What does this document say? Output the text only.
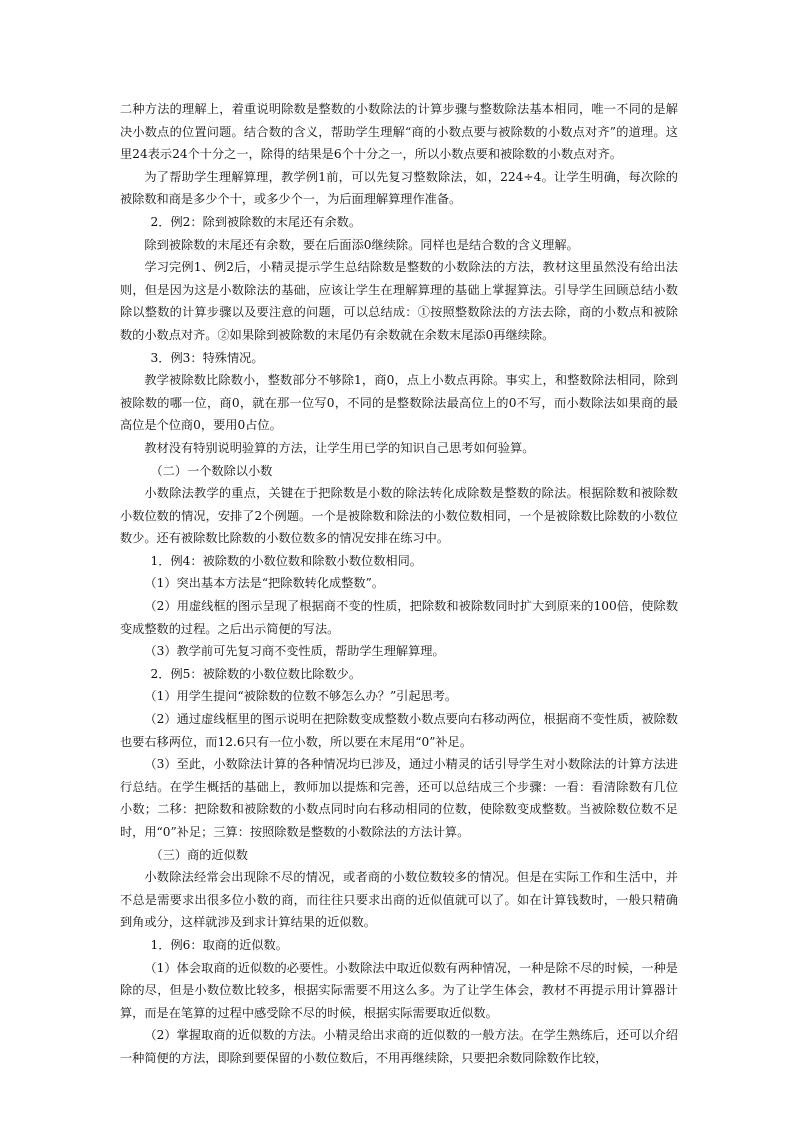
二种方法的理解上，着重说明除数是整数的小数除法的计算步骤与整数除法基本相同，唯一不同的是解决小数点的位置问题。结合数的含义，帮助学生理解“商的小数点要与被除数的小数点对齐”的道理。这里24表示24个十分之一，除得的结果是6个十分之一，所以小数点要和被除数的小数点对齐。

为了帮助学生理解算理，教学例1前，可以先复习整数除法，如，224÷4。让学生明确，每次除的被除数和商是多少个十，或多少个一，为后面理解算理作准备。

2．例2：除到被除数的末尾还有余数。

除到被除数的末尾还有余数，要在后面添0继续除。同样也是结合数的含义理解。

学习完例1、例2后，小精灵提示学生总结除数是整数的小数除法的方法，教材这里虽然没有给出法则，但是因为这是小数除法的基础，应该让学生在理解算理的基础上掌握算法。引导学生回顾总结小数除以整数的计算步骤以及要注意的问题，可以总结成：①按照整数除法的方法去除，商的小数点和被除数的小数点对齐。②如果除到被除数的末尾仍有余数就在余数末尾添0再继续除。

3．例3：特殊情况。

教学被除数比除数小，整数部分不够除1，商0，点上小数点再除。事实上，和整数除法相同，除到被除数的哪一位，商0，就在那一位写0，不同的是整数除法最高位上的0不写，而小数除法如果商的最高位是个位商0，要用0占位。

教材没有特别说明验算的方法，让学生用已学的知识自己思考如何验算。

（二）一个数除以小数

小数除法教学的重点，关键在于把除数是小数的除法转化成除数是整数的除法。根据除数和被除数小数位数的情况，安排了2个例题。一个是被除数和除法的小数位数相同，一个是被除数比除数的小数位数少。还有被除数比除数的小数位数多的情况安排在练习中。

1．例4：被除数的小数位数和除数小数位数相同。

（1）突出基本方法是“把除数转化成整数”。

（2）用虚线框的图示呈现了根据商不变的性质，把除数和被除数同时扩大到原来的100倍，使除数变成整数的过程。之后出示简便的写法。

（3）教学前可先复习商不变性质，帮助学生理解算理。

2．例5：被除数的小数位数比除数少。

（1）用学生提问“被除数的位数不够怎么办？”引起思考。

（2）通过虚线框里的图示说明在把除数变成整数小数点要向右移动两位，根据商不变性质，被除数也要右移两位，而12.6只有一位小数，所以要在末尾用“0”补足。

（3）至此，小数除法计算的各种情况均已涉及，通过小精灵的话引导学生对小数除法的计算方法进行总结。在学生概括的基础上，教师加以提炼和完善，还可以总结成三个步骤：一看：看清除数有几位小数；二移：把除数和被除数的小数点同时向右移动相同的位数，使除数变成整数。当被除数位数不足时，用“0”补足；三算：按照除数是整数的小数除法的方法计算。

（三）商的近似数

小数除法经常会出现除不尽的情况，或者商的小数位数较多的情况。但是在实际工作和生活中，并不总是需要求出很多位小数的商，而往往只要求出商的近似值就可以了。如在计算钱数时，一般只精确到角或分，这样就涉及到求计算结果的近似数。

1．例6：取商的近似数。

（1）体会取商的近似数的必要性。小数除法中取近似数有两种情况，一种是除不尽的时候，一种是除的尽，但是小数位数比较多，根据实际需要不用这么多。为了让学生体会，教材不再提示用计算器计算，而是在笔算的过程中感受除不尽的时候，根据实际需要取近似数。

（2）掌握取商的近似数的方法。小精灵给出求商的近似数的一般方法。在学生熟练后，还可以介绍一种简便的方法，即除到要保留的小数位数后，不用再继续除，只要把余数同除数作比较，
